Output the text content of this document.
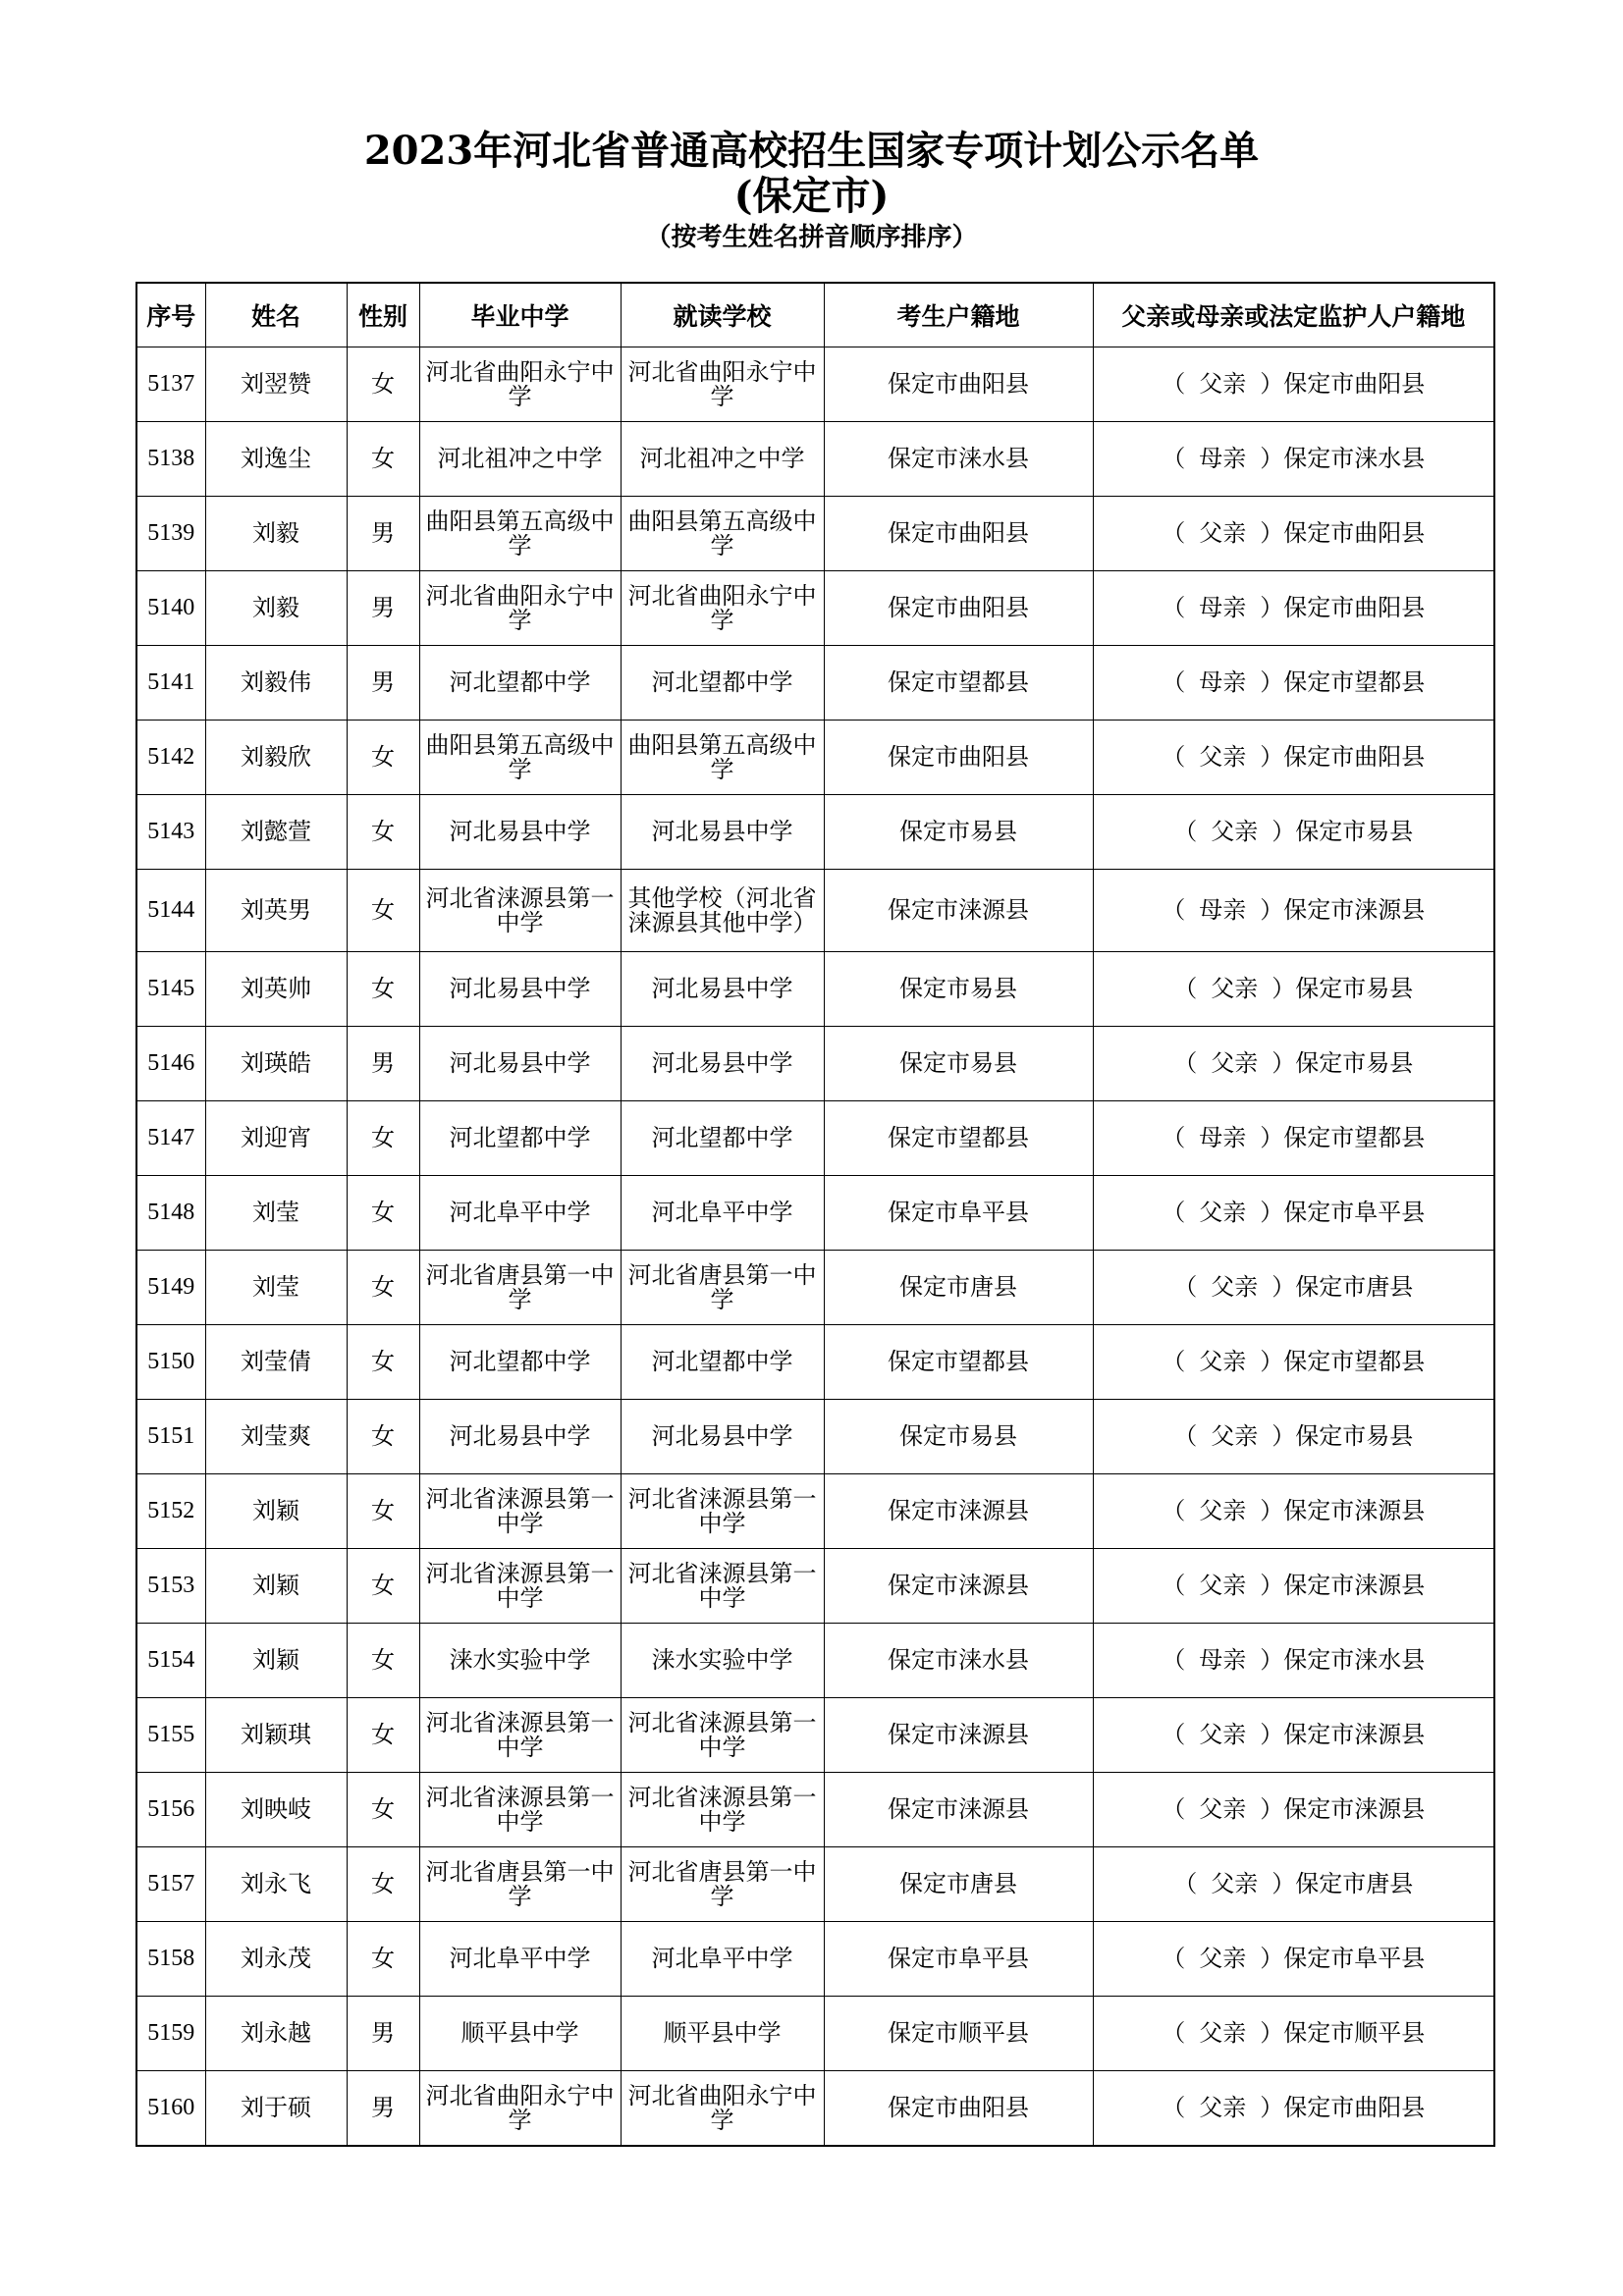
2023年河北省普通高校招生国家专项计划公示名单

(保定市)

（按考生姓名拼音顺序排序）

序号	姓名	性别	毕业中学	就读学校	考生户籍地	父亲或母亲或法定监护人户籍地
5137	刘翌赞	女	河北省曲阳永宁中学	河北省曲阳永宁中学	保定市曲阳县	（ 父亲 ）保定市曲阳县
5138	刘逸尘	女	河北祖冲之中学	河北祖冲之中学	保定市涞水县	（ 母亲 ）保定市涞水县
5139	刘毅	男	曲阳县第五高级中学	曲阳县第五高级中学	保定市曲阳县	（ 父亲 ）保定市曲阳县
5140	刘毅	男	河北省曲阳永宁中学	河北省曲阳永宁中学	保定市曲阳县	（ 母亲 ）保定市曲阳县
5141	刘毅伟	男	河北望都中学	河北望都中学	保定市望都县	（ 母亲 ）保定市望都县
5142	刘毅欣	女	曲阳县第五高级中学	曲阳县第五高级中学	保定市曲阳县	（ 父亲 ）保定市曲阳县
5143	刘懿萱	女	河北易县中学	河北易县中学	保定市易县	（ 父亲 ）保定市易县
5144	刘英男	女	河北省涞源县第一中学	其他学校（河北省涞源县其他中学）	保定市涞源县	（ 母亲 ）保定市涞源县
5145	刘英帅	女	河北易县中学	河北易县中学	保定市易县	（ 父亲 ）保定市易县
5146	刘瑛皓	男	河北易县中学	河北易县中学	保定市易县	（ 父亲 ）保定市易县
5147	刘迎宵	女	河北望都中学	河北望都中学	保定市望都县	（ 母亲 ）保定市望都县
5148	刘莹	女	河北阜平中学	河北阜平中学	保定市阜平县	（ 父亲 ）保定市阜平县
5149	刘莹	女	河北省唐县第一中学	河北省唐县第一中学	保定市唐县	（ 父亲 ）保定市唐县
5150	刘莹倩	女	河北望都中学	河北望都中学	保定市望都县	（ 父亲 ）保定市望都县
5151	刘莹爽	女	河北易县中学	河北易县中学	保定市易县	（ 父亲 ）保定市易县
5152	刘颖	女	河北省涞源县第一中学	河北省涞源县第一中学	保定市涞源县	（ 父亲 ）保定市涞源县
5153	刘颖	女	河北省涞源县第一中学	河北省涞源县第一中学	保定市涞源县	（ 父亲 ）保定市涞源县
5154	刘颖	女	涞水实验中学	涞水实验中学	保定市涞水县	（ 母亲 ）保定市涞水县
5155	刘颖琪	女	河北省涞源县第一中学	河北省涞源县第一中学	保定市涞源县	（ 父亲 ）保定市涞源县
5156	刘映岐	女	河北省涞源县第一中学	河北省涞源县第一中学	保定市涞源县	（ 父亲 ）保定市涞源县
5157	刘永飞	女	河北省唐县第一中学	河北省唐县第一中学	保定市唐县	（ 父亲 ）保定市唐县
5158	刘永茂	女	河北阜平中学	河北阜平中学	保定市阜平县	（ 父亲 ）保定市阜平县
5159	刘永越	男	顺平县中学	顺平县中学	保定市顺平县	（ 父亲 ）保定市顺平县
5160	刘于硕	男	河北省曲阳永宁中学	河北省曲阳永宁中学	保定市曲阳县	（ 父亲 ）保定市曲阳县
